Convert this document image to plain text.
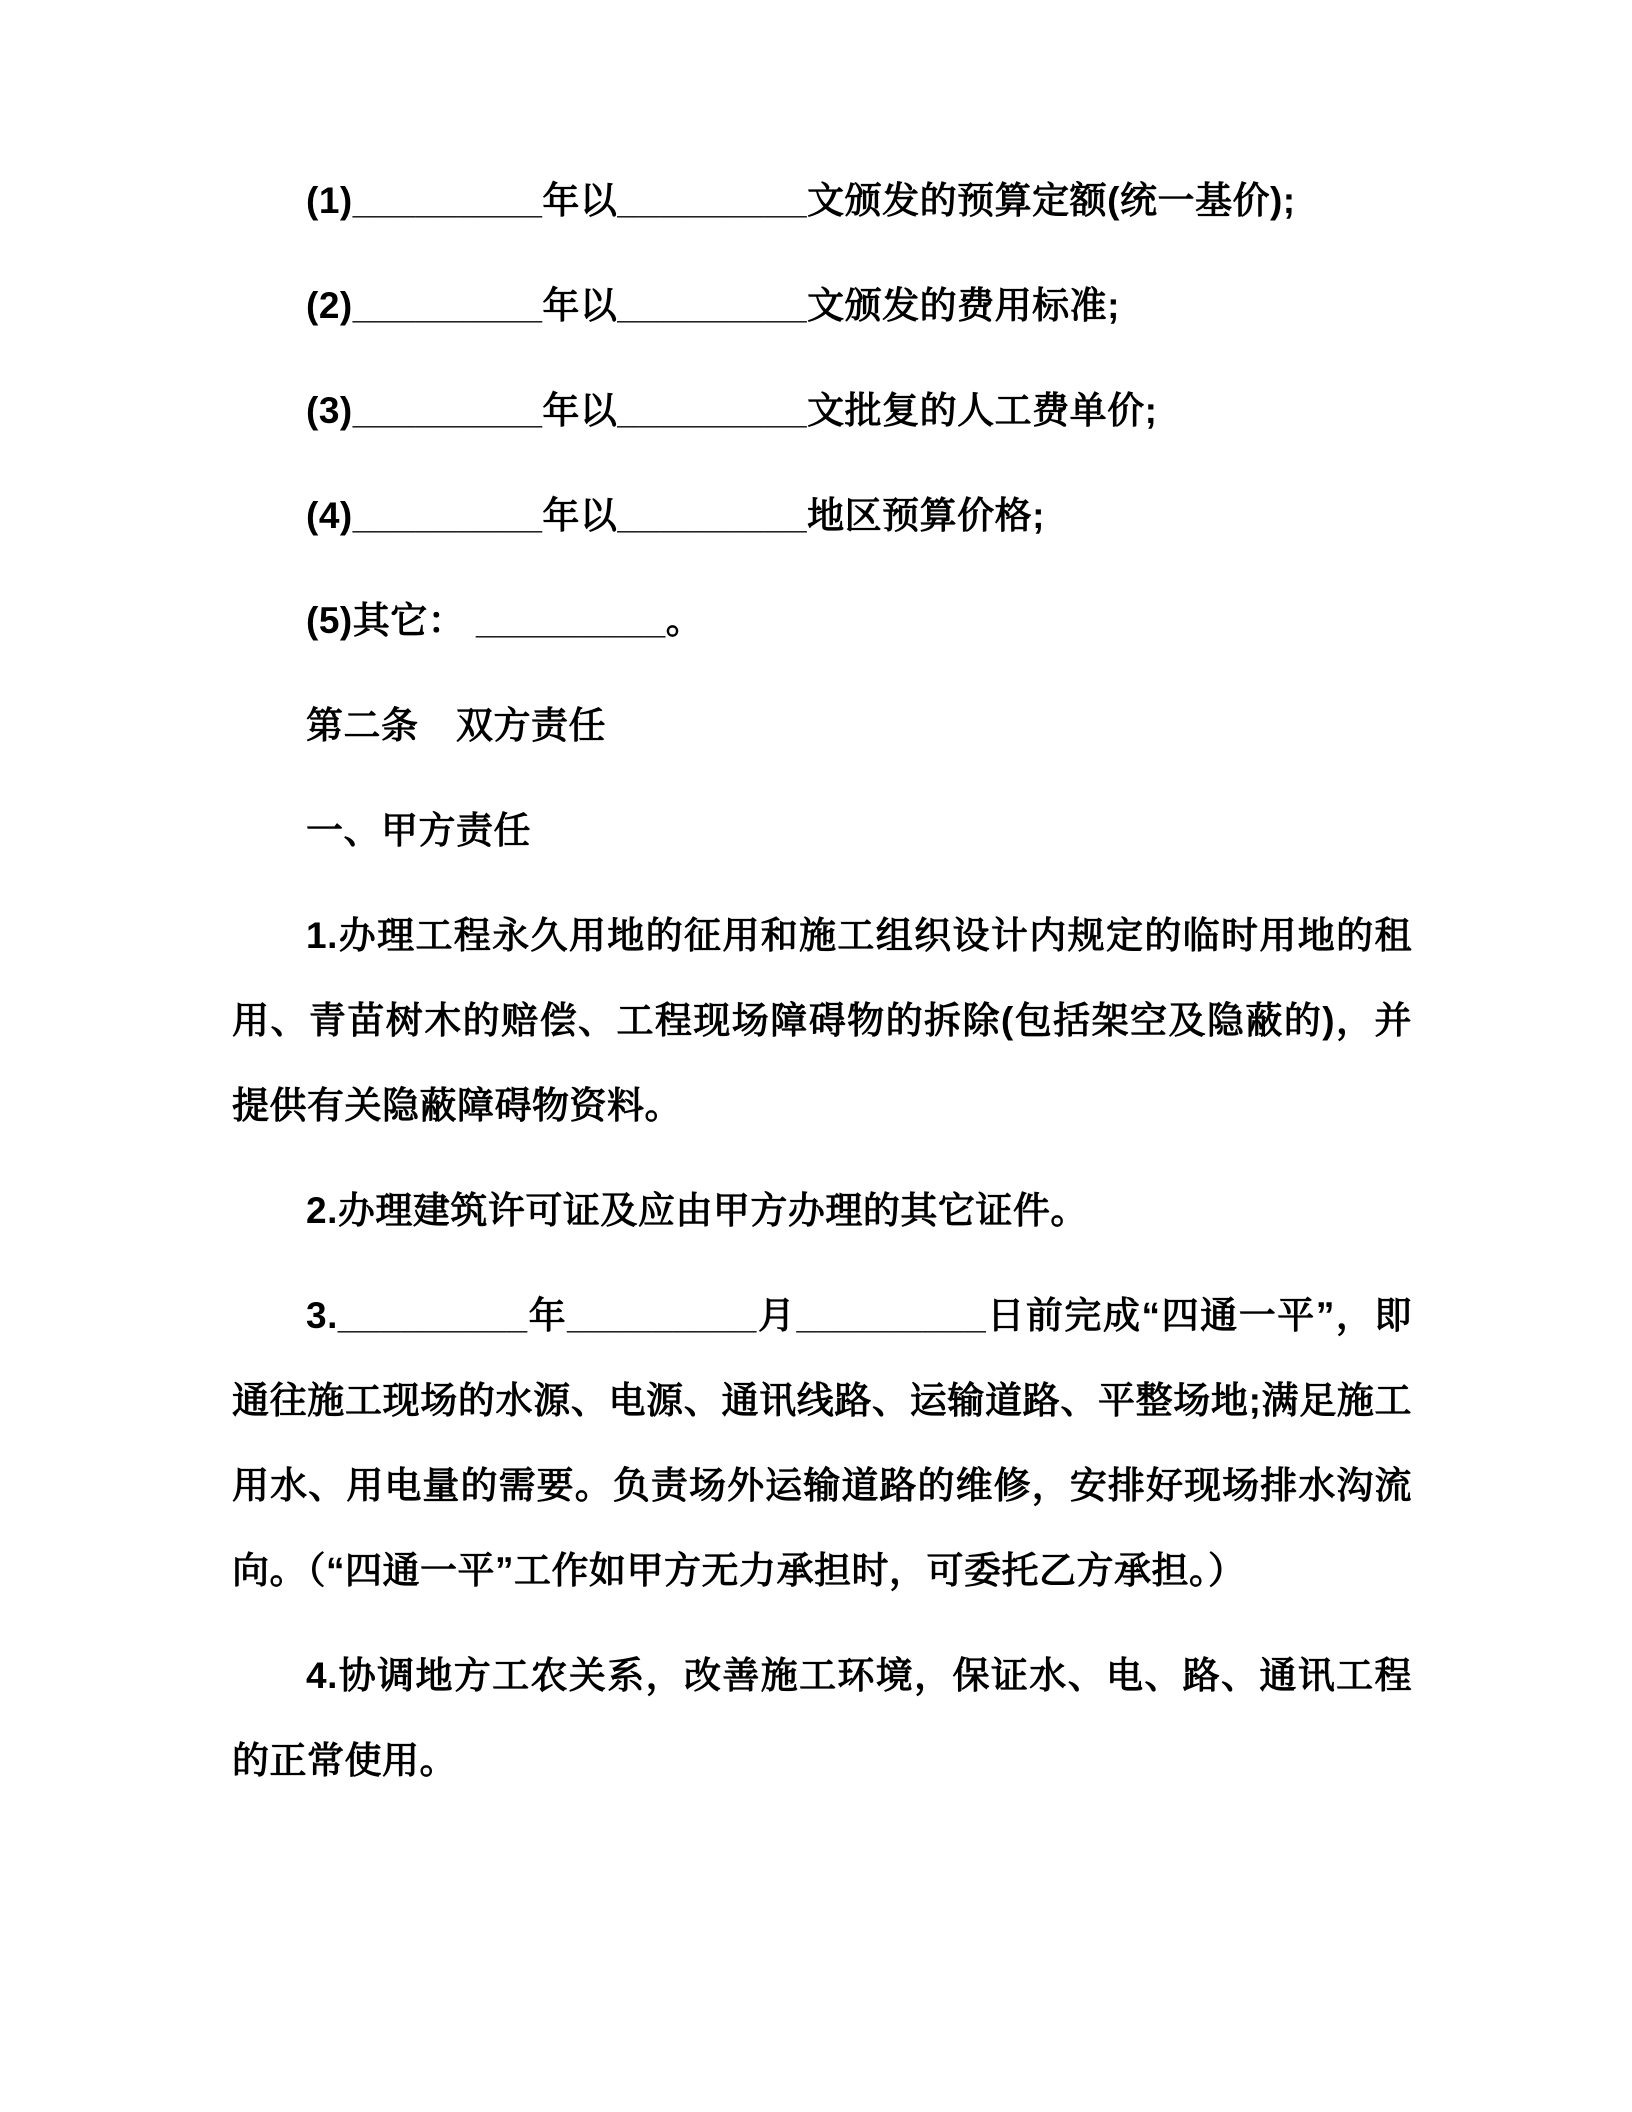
(1)_________年以_________文颁发的预算定额(统一基价);

(2)_________年以_________文颁发的费用标准;

(3)_________年以_________文批复的人工费单价;

(4)_________年以_________地区预算价格;

(5)其它： _________。

第二条　双方责任

一、甲方责任

1.办理工程永久用地的征用和施工组织设计内规定的临时用地的租用、青苗树木的赔偿、工程现场障碍物的拆除(包括架空及隐蔽的)，并提供有关隐蔽障碍物资料。

2.办理建筑许可证及应由甲方办理的其它证件。

3._________年_________月_________日前完成“四通一平”，即通往施工现场的水源、电源、通讯线路、运输道路、平整场地;满足施工用水、用电量的需要。负责场外运输道路的维修，安排好现场排水沟流向。（“四通一平”工作如甲方无力承担时，可委托乙方承担。）

4.协调地方工农关系，改善施工环境，保证水、电、路、通讯工程的正常使用。
